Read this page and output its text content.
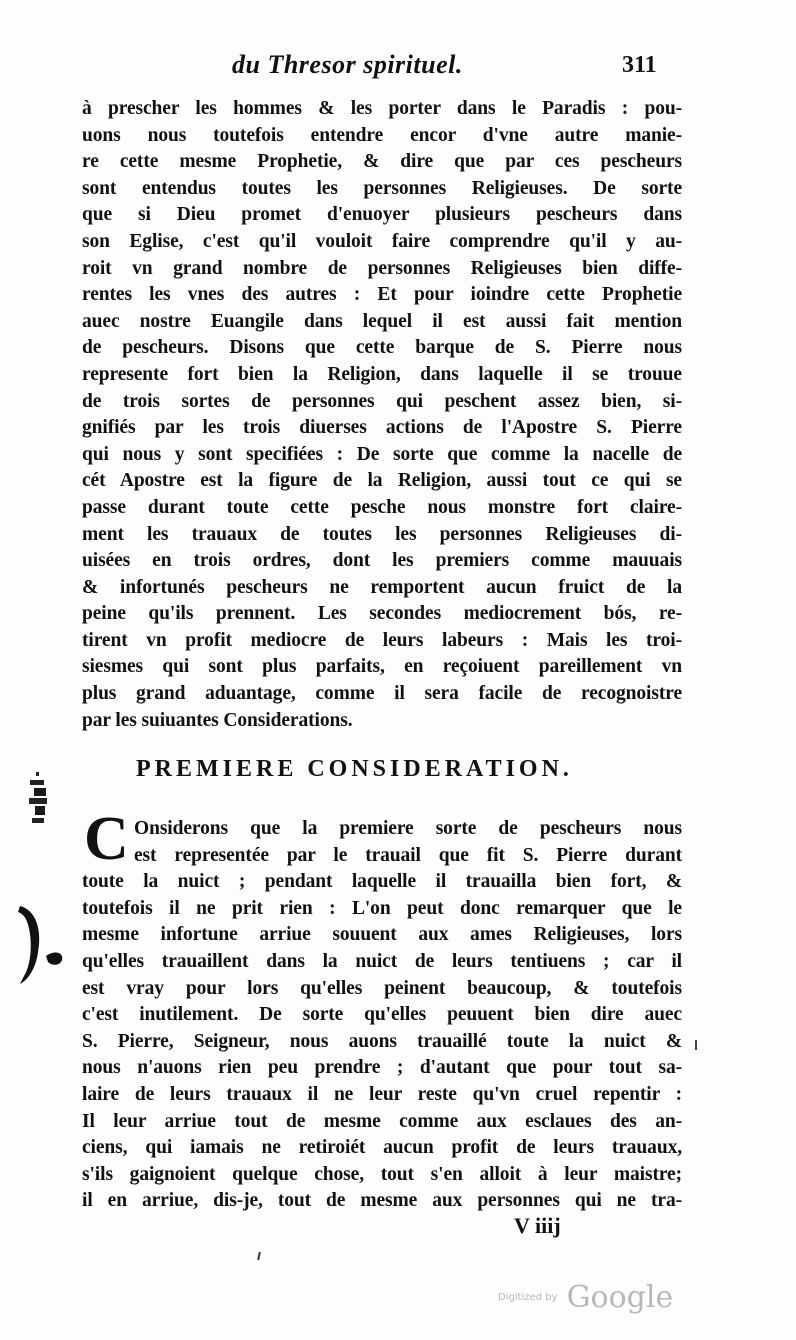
du Thresor spirituel.	311
à prescher les hommes & les porter dans le Paradis : pou-
uons nous toutefois entendre encor d'vne autre manie-
re cette mesme Prophetie, & dire que par ces pescheurs
sont entendus toutes les personnes Religieuses. De sorte
que si Dieu promet d'enuoyer plusieurs pescheurs dans
son Eglise, c'est qu'il vouloit faire comprendre qu'il y au-
roit vn grand nombre de personnes Religieuses bien diffe-
rentes les vnes des autres : Et pour ioindre cette Prophetie
auec nostre Euangile dans lequel il est aussi fait mention
de pescheurs. Disons que cette barque de S. Pierre nous
represente fort bien la Religion, dans laquelle il se trouue
de trois sortes de personnes qui peschent assez bien, si-
gnifiés par les trois diuerses actions de l'Apostre S. Pierre
qui nous y sont specifiées : De sorte que comme la nacelle de
cét Apostre est la figure de la Religion, aussi tout ce qui se
passe durant toute cette pesche nous monstre fort claire-
ment les trauaux de toutes les personnes Religieuses di-
uisées en trois ordres, dont les premiers comme mauuais
& infortunés pescheurs ne remportent aucun fruict de la
peine qu'ils prennent. Les secondes mediocrement bós, re-
tirent vn profit mediocre de leurs labeurs : Mais les troi-
siesmes qui sont plus parfaits, en reçoiuent pareillement vn
plus grand aduantage, comme il sera facile de recognoistre
par les suiuantes Considerations.
PREMIERE CONSIDERATION.
C Onsiderons que la premiere sorte de pescheurs nous
est representée par le trauail que fit S. Pierre durant
toute la nuict ; pendant laquelle il trauailla bien fort, &
toutefois il ne prit rien : L'on peut donc remarquer que le
mesme infortune arriue souuent aux ames Religieuses, lors
qu'elles trauaillent dans la nuict de leurs tentiuens ; car il
est vray pour lors qu'elles peinent beaucoup, & toutefois
c'est inutilement. De sorte qu'elles peuuent bien dire auec
S. Pierre, Seigneur, nous auons trauaillé toute la nuict &
nous n'auons rien peu prendre ; d'autant que pour tout sa-
laire de leurs trauaux il ne leur reste qu'vn cruel repentir :
Il leur arriue tout de mesme comme aux esclaues des an-
ciens, qui iamais ne retiroiét aucun profit de leurs trauaux,
s'ils gaignoient quelque chose, tout s'en alloit à leur maistre;
il en arriue, dis-je, tout de mesme aux personnes qui ne tra-
V iiij
Digitized by Google
